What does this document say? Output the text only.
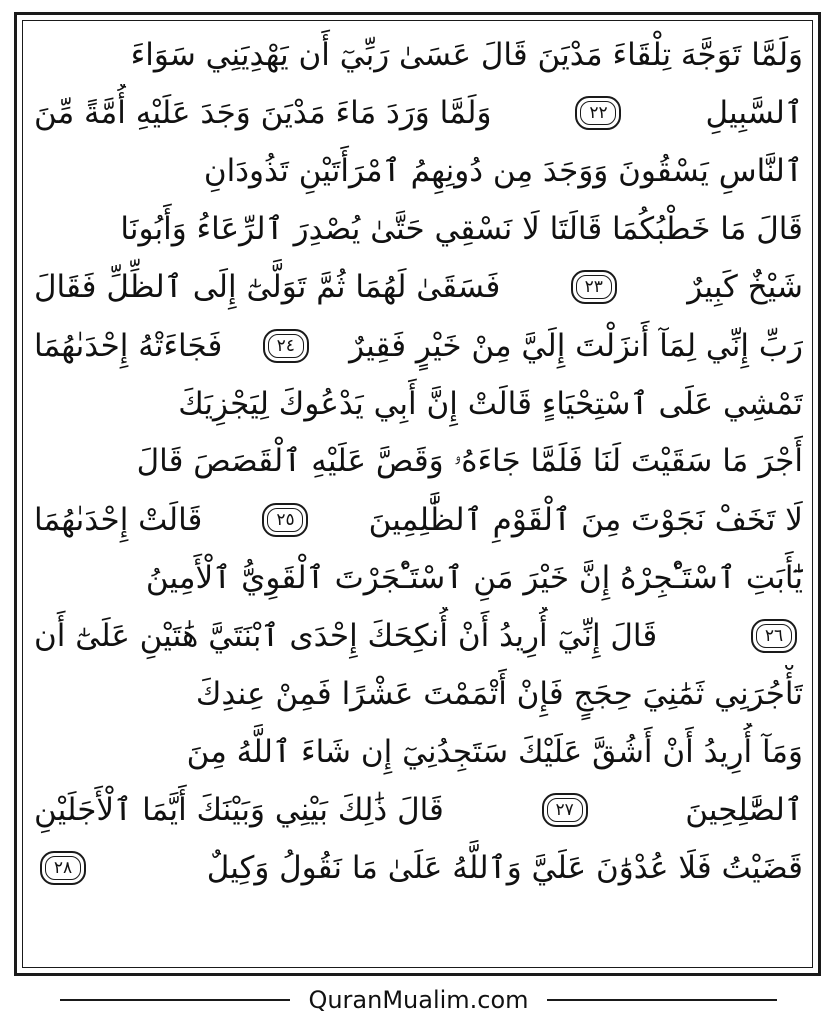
وَلَمَّا تَوَجَّهَ تِلْقَاءَ مَدْيَنَ قَالَ عَسَىٰ رَبِّيٓ أَن يَهْدِيَنِي سَوَاءَ
ٱلسَّبِيلِ
٢٢
وَلَمَّا وَرَدَ مَاءَ مَدْيَنَ وَجَدَ عَلَيْهِ أُمَّةً مِّنَ
ٱلنَّاسِ يَسْقُونَ وَوَجَدَ مِن دُونِهِمُ ٱمْرَأَتَيْنِ تَذُودَانِ
قَالَ مَا خَطْبُكُمَا قَالَتَا لَا نَسْقِي حَتَّىٰ يُصْدِرَ ٱلرِّعَاءُ وَأَبُونَا
شَيْخٌ كَبِيرٌ
٢٣
فَسَقَىٰ لَهُمَا ثُمَّ تَوَلَّىٰٓ إِلَى ٱلظِّلِّ فَقَالَ
رَبِّ إِنِّي لِمَآ أَنزَلْتَ إِلَيَّ مِنْ خَيْرٍ فَقِيرٌ
٢٤
فَجَاءَتْهُ إِحْدَىٰهُمَا
تَمْشِي عَلَى ٱسْتِحْيَاءٍ قَالَتْ إِنَّ أَبِي يَدْعُوكَ لِيَجْزِيَكَ
أَجْرَ مَا سَقَيْتَ لَنَا فَلَمَّا جَاءَهُۥ وَقَصَّ عَلَيْهِ ٱلْقَصَصَ قَالَ
لَا تَخَفْ نَجَوْتَ مِنَ ٱلْقَوْمِ ٱلظَّٰلِمِينَ
٢٥
قَالَتْ إِحْدَىٰهُمَا
يَٰٓأَبَتِ ٱسْتَـْٔجِرْهُ إِنَّ خَيْرَ مَنِ ٱسْتَـْٔجَرْتَ ٱلْقَوِيُّ ٱلْأَمِينُ
٢٦
قَالَ إِنِّيٓ أُرِيدُ أَنْ أُنكِحَكَ إِحْدَى ٱبْنَتَيَّ هَٰتَيْنِ عَلَىٰٓ أَن
تَأْجُرَنِي ثَمَٰنِيَ حِجَجٍ فَإِنْ أَتْمَمْتَ عَشْرًا فَمِنْ عِندِكَ
وَمَآ أُرِيدُ أَنْ أَشُقَّ عَلَيْكَ سَتَجِدُنِيٓ إِن شَاءَ ٱللَّهُ مِنَ
ٱلصَّٰلِحِينَ
٢٧
قَالَ ذَٰلِكَ بَيْنِي وَبَيْنَكَ أَيَّمَا ٱلْأَجَلَيْنِ
قَضَيْتُ فَلَا عُدْوَٰنَ عَلَيَّ وَٱللَّهُ عَلَىٰ مَا نَقُولُ وَكِيلٌ
٢٨
QuranMualim.com
